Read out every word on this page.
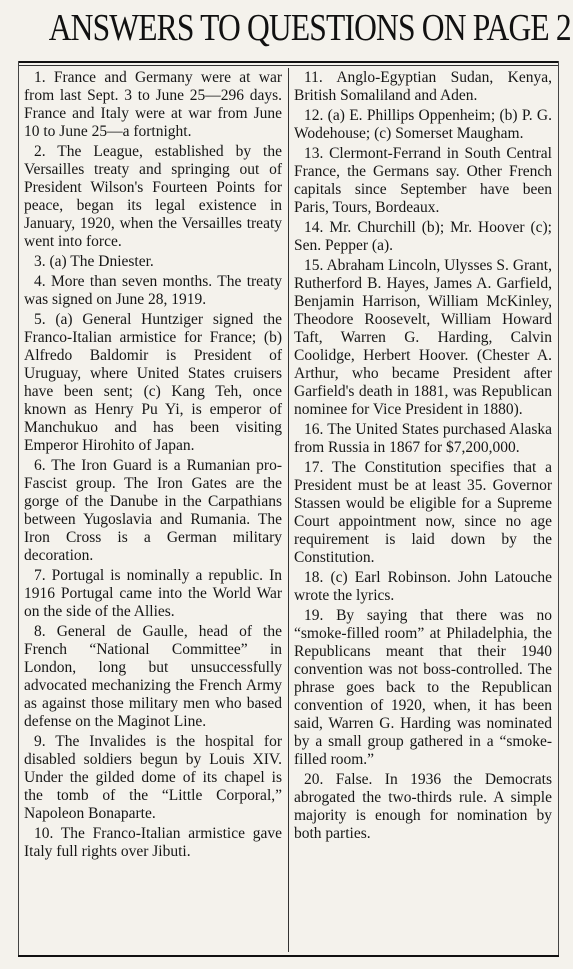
ANSWERS TO QUESTIONS ON PAGE 2

1. France and Germany were at war from last Sept. 3 to June 25—296 days. France and Italy were at war from June 10 to June 25—a fortnight.

2. The League, established by the Versailles treaty and springing out of President Wilson's Fourteen Points for peace, began its legal existence in January, 1920, when the Versailles treaty went into force.

3. (a) The Dniester.

4. More than seven months. The treaty was signed on June 28, 1919.

5. (a) General Huntziger signed the Franco-Italian armistice for France; (b) Alfredo Baldomir is President of Uruguay, where United States cruisers have been sent; (c) Kang Teh, once known as Henry Pu Yi, is emperor of Manchukuo and has been visiting Emperor Hirohito of Japan.

6. The Iron Guard is a Rumanian pro-Fascist group. The Iron Gates are the gorge of the Danube in the Carpathians between Yugoslavia and Rumania. The Iron Cross is a German military decoration.

7. Portugal is nominally a republic. In 1916 Portugal came into the World War on the side of the Allies.

8. General de Gaulle, head of the French “National Committee” in London, long but unsuccessfully advocated mechanizing the French Army as against those military men who based defense on the Maginot Line.

9. The Invalides is the hospital for disabled soldiers begun by Louis XIV. Under the gilded dome of its chapel is the tomb of the “Little Corporal,” Napoleon Bonaparte.

10. The Franco-Italian armistice gave Italy full rights over Jibuti.

11. Anglo-Egyptian Sudan, Kenya, British Somaliland and Aden.

12. (a) E. Phillips Oppenheim; (b) P. G. Wodehouse; (c) Somerset Maugham.

13. Clermont-Ferrand in South Central France, the Germans say. Other French capitals since September have been Paris, Tours, Bordeaux.

14. Mr. Churchill (b); Mr. Hoover (c); Sen. Pepper (a).

15. Abraham Lincoln, Ulysses S. Grant, Rutherford B. Hayes, James A. Garfield, Benjamin Harrison, William McKinley, Theodore Roosevelt, William Howard Taft, Warren G. Harding, Calvin Coolidge, Herbert Hoover. (Chester A. Arthur, who became President after Garfield's death in 1881, was Republican nominee for Vice President in 1880).

16. The United States purchased Alaska from Russia in 1867 for $7,200,000.

17. The Constitution specifies that a President must be at least 35. Governor Stassen would be eligible for a Supreme Court appointment now, since no age requirement is laid down by the Constitution.

18. (c) Earl Robinson. John Latouche wrote the lyrics.

19. By saying that there was no “smoke-filled room” at Philadelphia, the Republicans meant that their 1940 convention was not boss-controlled. The phrase goes back to the Republican convention of 1920, when, it has been said, Warren G. Harding was nominated by a small group gathered in a “smoke-filled room.”

20. False. In 1936 the Democrats abrogated the two-thirds rule. A simple majority is enough for nomination by both parties.
